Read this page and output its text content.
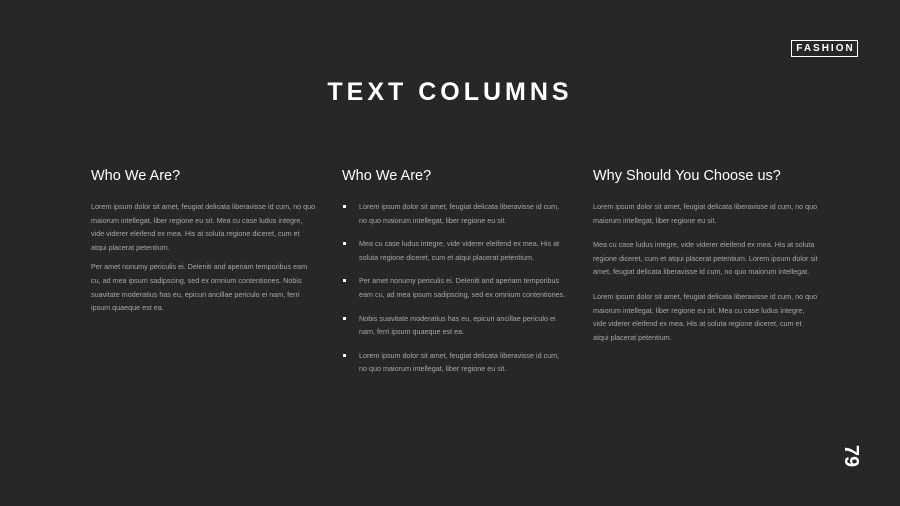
FASHION
TEXT COLUMNS
Who We Are?

Lorem ipsum dolor sit amet, feugiat delicata liberavisse id cum, no quo maiorum intellegat, liber regione eu sit. Mea cu case ludus integre, vide viderer eleifend ex mea. His at soluta regione diceret, cum et atqui placerat petentium.

Per amet nonumy periculis ei. Deleniti and aperiam temporibus eam cu, ad mea ipsum sadipscing, sed ex omnium contentiones. Nobis suavitate moderatius has eu, epicuri ancillae periculo ei nam, ferri ipsum quaeque est ea.

Who We Are?
Lorem ipsum dolor sit amet, feugiat delicata liberavisse id cum, no quo maiorum intellegat, liber regione eu sit.
Mea cu case ludus integre, vide viderer eleifend ex mea. His at soluta regione diceret, cum et atqui placerat petentium.
Per amet nonumy periculis ei. Deleniti and aperiam temporibus eam cu, ad mea ipsum sadipscing, sed ex omnium contentiones.
Nobis suavitate moderatius has eu, epicuri ancillae periculo ei nam, ferri ipsum quaeque est ea.
Lorem ipsum dolor sit amet, feugiat delicata liberavisse id cum, no quo maiorum intellegat, liber regione eu sit.
Why Should You Choose us?

Lorem ipsum dolor sit amet, feugiat delicata liberavisse id cum, no quo maiorum intellegat, liber regione eu sit.

Mea cu case ludus integre, vide viderer eleifend ex mea. His at soluta regione diceret, cum et atqui placerat petentium. Lorem ipsum dolor sit amet, feugiat delicata liberavisse id cum, no quo maiorum intellegat.

Lorem ipsum dolor sit amet, feugiat delicata liberavisse id cum, no quo maiorum intellegat, liber regione eu sit. Mea cu case ludus integre, vide viderer eleifend ex mea. His at soluta regione diceret, cum et atqui placerat petentium.

79
